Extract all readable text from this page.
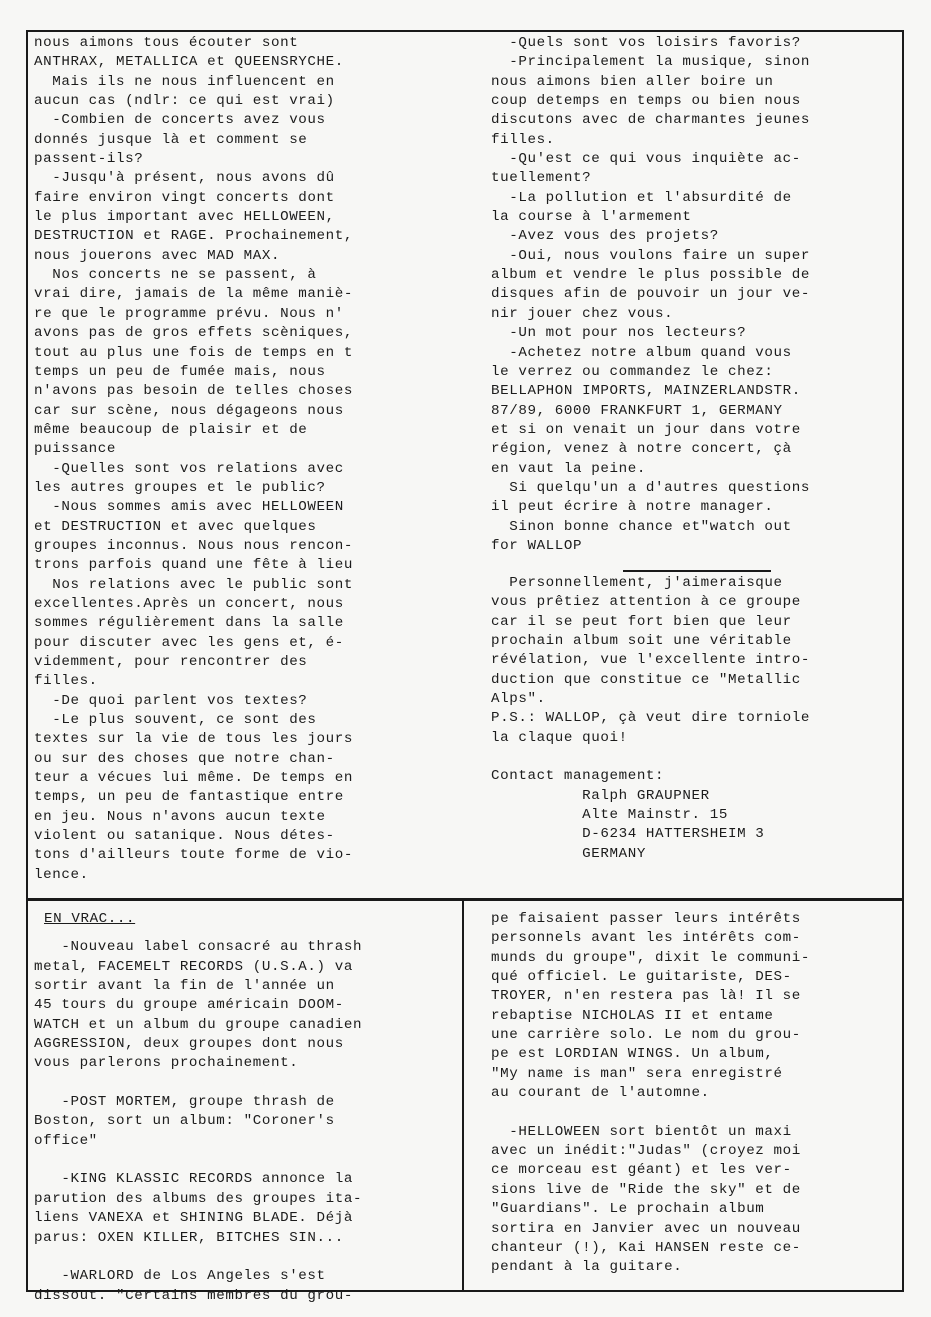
nous aimons tous écouter sont
ANTHRAX, METALLICA et QUEENSRYCHE.
Mais ils ne nous influencent en
aucun cas (ndlr: ce qui est vrai)
-Combien de concerts avez vous
donnés jusque là et comment se
passent-ils?
-Jusqu'à présent, nous avons dû
faire environ vingt concerts dont
le plus important avec HELLOWEEN,
DESTRUCTION et RAGE. Prochainement,
nous jouerons avec MAD MAX.
Nos concerts ne se passent, à
vrai dire, jamais de la même maniè-
re que le programme prévu. Nous n'
avons pas de gros effets scèniques,
tout au plus une fois de temps en t
temps un peu de fumée mais, nous
n'avons pas besoin de telles choses
car sur scène, nous dégageons nous
même beaucoup de plaisir et de
puissance
-Quelles sont vos relations avec
les autres groupes et le public?
-Nous sommes amis avec HELLOWEEN
et DESTRUCTION et avec quelques
groupes inconnus. Nous nous rencon-
trons parfois quand une fête à lieu
Nos relations avec le public sont
excellentes.Après un concert, nous
sommes régulièrement dans la salle
pour discuter avec les gens et, é-
videmment, pour rencontrer des
filles.
-De quoi parlent vos textes?
-Le plus souvent, ce sont des
textes sur la vie de tous les jours
ou sur des choses que notre chan-
teur a vécues lui même. De temps en
temps, un peu de fantastique entre
en jeu. Nous n'avons aucun texte
violent ou satanique. Nous détes-
tons d'ailleurs toute forme de vio-
lence.
-Quels sont vos loisirs favoris?
-Principalement la musique, sinon
nous aimons bien aller boire un
coup detemps en temps ou bien nous
discutons avec de charmantes jeunes
filles.
-Qu'est ce qui vous inquiète ac-
tuellement?
-La pollution et l'absurdité de
la course à l'armement
-Avez vous des projets?
-Oui, nous voulons faire un super
album et vendre le plus possible de
disques afin de pouvoir un jour ve-
nir jouer chez vous.
-Un mot pour nos lecteurs?
-Achetez notre album quand vous
le verrez ou commandez le chez:
BELLAPHON IMPORTS, MAINZERLANDSTR.
87/89, 6000 FRANKFURT 1, GERMANY
et si on venait un jour dans votre
région, venez à notre concert, çà
en vaut la peine.
Si quelqu'un a d'autres questions
il peut écrire à notre manager.
Sinon bonne chance et"watch out
for WALLOP
Personnellement, j'aimeraisque
vous prêtiez attention à ce groupe
car il se peut fort bien que leur
prochain album soit une véritable
révélation, vue l'excellente intro-
duction que constitue ce "Metallic
Alps".
P.S.: WALLOP, çà veut dire torniole
la claque quoi!
Contact management:
Ralph GRAUPNER
Alte Mainstr. 15
D-6234 HATTERSHEIM 3
GERMANY
EN VRAC...
-Nouveau label consacré au thrash
metal, FACEMELT RECORDS (U.S.A.) va
sortir avant la fin de l'année un
45 tours du groupe américain DOOM-
WATCH et un album du groupe canadien
AGGRESSION, deux groupes dont nous
vous parlerons prochainement.
-POST MORTEM, groupe thrash de
Boston, sort un album: "Coroner's
office"
-KING KLASSIC RECORDS annonce la
parution des albums des groupes ita-
liens VANEXA et SHINING BLADE. Déjà
parus: OXEN KILLER, BITCHES SIN...
-WARLORD de Los Angeles s'est
dissout. "Certains membres du grou-
pe faisaient passer leurs intérêts
personnels avant les intérêts com-
munds du groupe", dixit le communi-
qué officiel. Le guitariste, DES-
TROYER, n'en restera pas là! Il se
rebaptise NICHOLAS II et entame
une carrière solo. Le nom du grou-
pe est LORDIAN WINGS. Un album,
"My name is man" sera enregistré
au courant de l'automne.
-HELLOWEEN sort bientôt un maxi
avec un inédit:"Judas" (croyez moi
ce morceau est géant) et les ver-
sions live de "Ride the sky" et de
"Guardians". Le prochain album
sortira en Janvier avec un nouveau
chanteur (!), Kai HANSEN reste ce-
pendant à la guitare.
